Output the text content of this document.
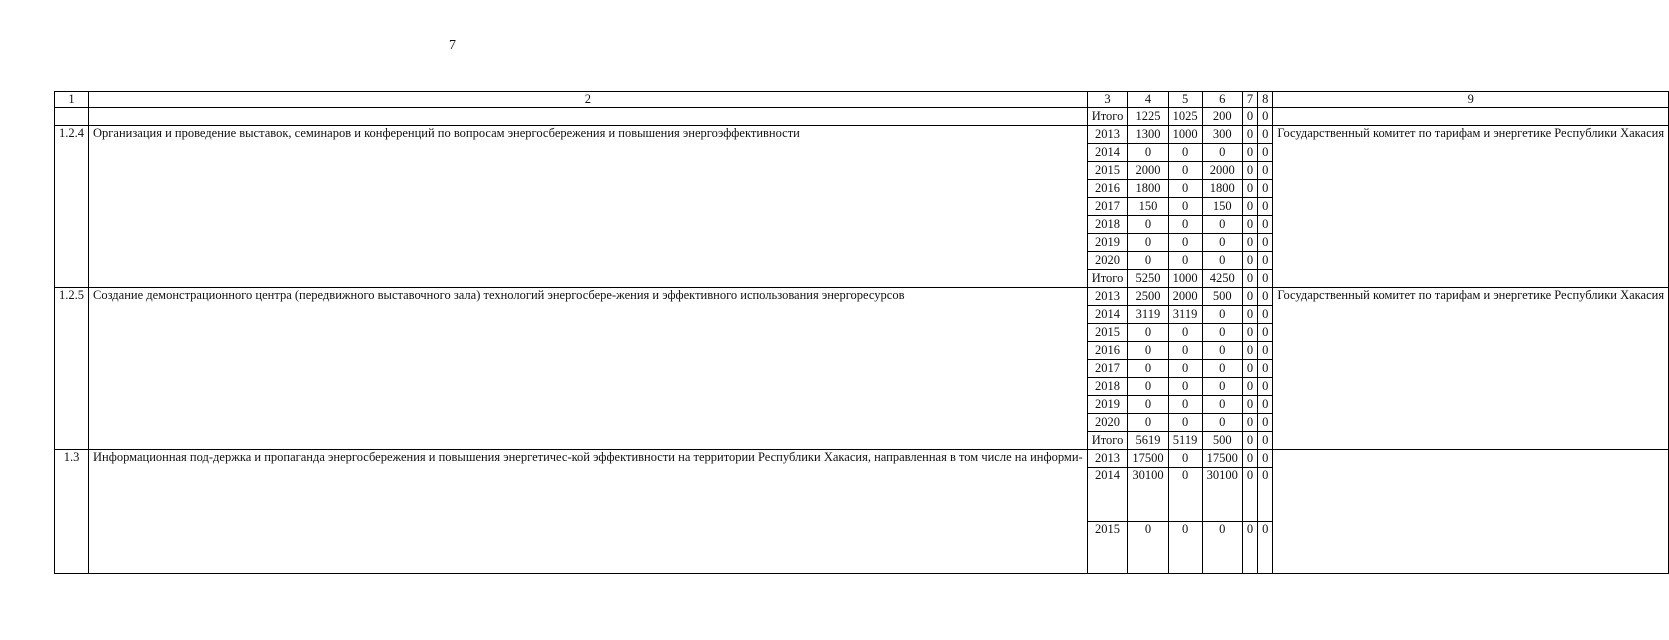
7
1	2	3	4	5	6	7	8	9
		Итого	1225	1025	200	0	0	
1.2.4	Организация и проведение выставок, семинаров и конференций по вопросам энергосбережения и повышения энергоэффективности	2013	1300	1000	300	0	0	Государственный комитет по тарифам и энергетике Республики Хакасия
		2014	0	0	0	0	0	
		2015	2000	0	2000	0	0	
		2016	1800	0	1800	0	0	
		2017	150	0	150	0	0	
		2018	0	0	0	0	0	
		2019	0	0	0	0	0	
		2020	0	0	0	0	0	
		Итого	5250	1000	4250	0	0	
1.2.5	Создание демонстрационного центра (передвижного выставочного зала) технологий энергосбере-жения и эффективного использования энергоресурсов	2013	2500	2000	500	0	0	Государственный комитет по тарифам и энергетике Республики Хакасия
		2014	3119	3119	0	0	0	
		2015	0	0	0	0	0	
		2016	0	0	0	0	0	
		2017	0	0	0	0	0	
		2018	0	0	0	0	0	
		2019	0	0	0	0	0	
		2020	0	0	0	0	0	
		Итого	5619	5119	500	0	0	
1.3	Информационная под-держка и пропаганда энергосбережения и повышения энергетичес-кой эффективности на территории Республики Хакасия, направленная в том числе на информи-	2013	17500	0	17500	0	0	
		2014	30100	0	30100	0	0	
		2015	0	0	0	0	0	
